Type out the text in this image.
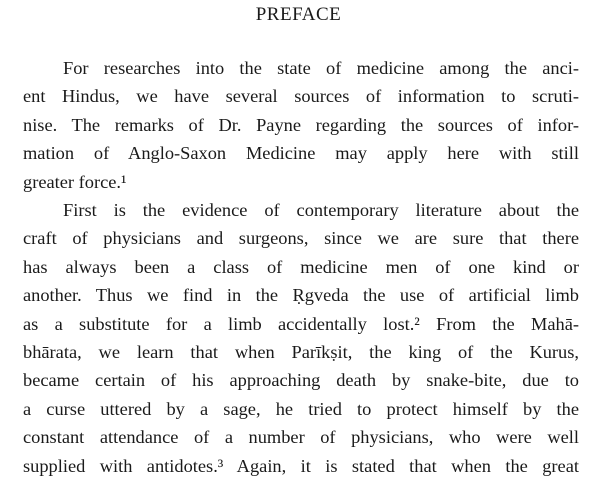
PREFACE
For researches into the state of medicine among the anci-
ent Hindus, we have several sources of information to scruti-
nise. The remarks of Dr. Payne regarding the sources of infor-
mation of Anglo-Saxon Medicine may apply here with still
greater force.¹
First is the evidence of contemporary literature about the
craft of physicians and surgeons, since we are sure that there
has always been a class of medicine men of one kind or
another. Thus we find in the Ṛgveda the use of artificial limb
as a substitute for a limb accidentally lost.² From the Mahā-
bhārata, we learn that when Parīkṣit, the king of the Kurus,
became certain of his approaching death by snake-bite, due to
a curse uttered by a sage, he tried to protect himself by the
constant attendance of a number of physicians, who were well
supplied with antidotes.³ Again, it is stated that when the great
